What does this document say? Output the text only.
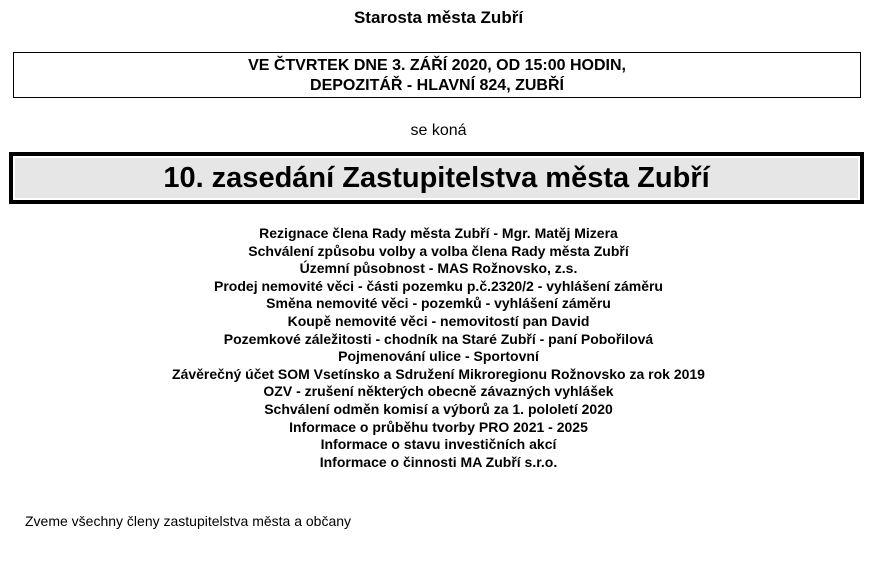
Starosta města Zubří
VE ČTVRTEK DNE 3. ZÁŘÍ 2020, OD 15:00 HODIN,
DEPOZITÁŘ - HLAVNÍ 824, ZUBŘÍ
se koná
10. zasedání Zastupitelstva města Zubří
Rezignace člena Rady města Zubří - Mgr. Matěj Mizera
Schválení způsobu volby a volba člena Rady města Zubří
Územní působnost - MAS Rožnovsko, z.s.
Prodej nemovité věci - části pozemku p.č.2320/2 - vyhlášení záměru
Směna nemovité věci - pozemků - vyhlášení záměru
Koupě nemovité věci - nemovitostí pan David
Pozemkové záležitosti - chodník na Staré Zubří - paní Pobořilová
Pojmenování ulice - Sportovní
Závěrečný účet SOM Vsetínsko a Sdružení Mikroregionu Rožnovsko za rok 2019
OZV - zrušení některých obecně závazných vyhlášek
Schválení odměn komisí a výborů za 1. pololetí 2020
Informace o průběhu tvorby PRO 2021 - 2025
Informace o stavu investičních akcí
Informace o činnosti MA Zubří s.r.o.
Zveme všechny členy zastupitelstva města a občany
